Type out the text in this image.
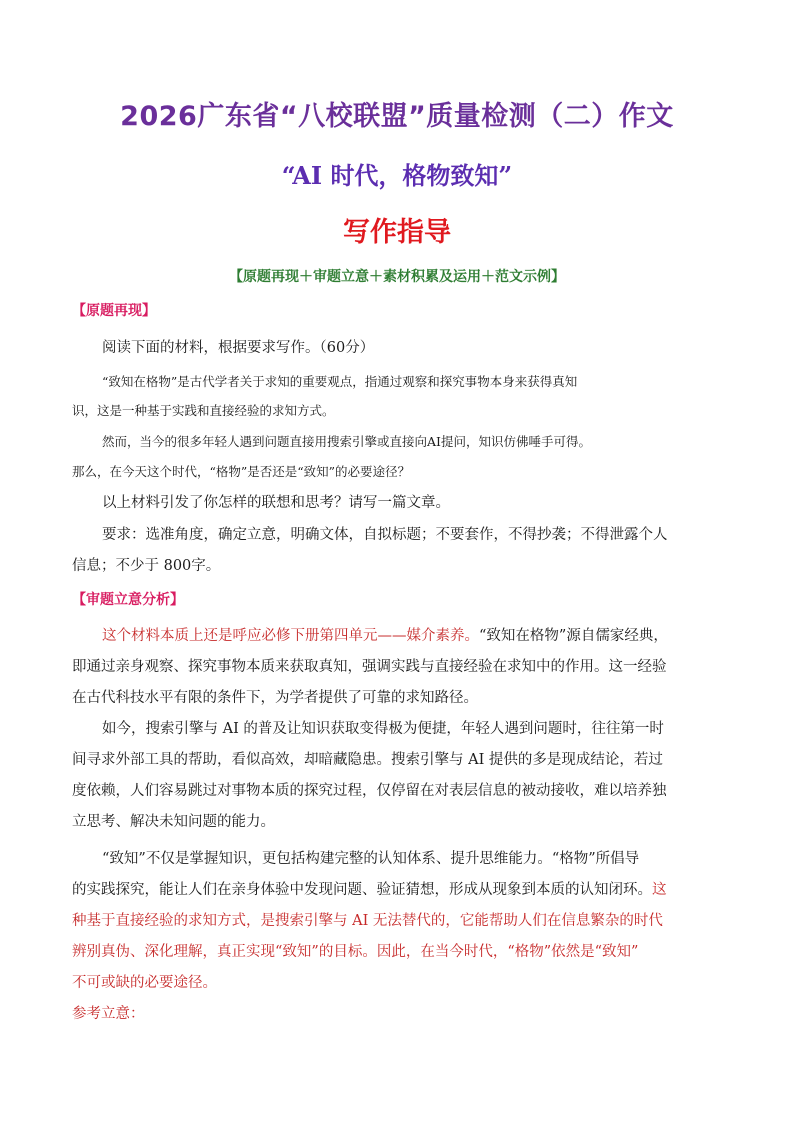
2026广东省“八校联盟”质量检测（二）作文
“AI 时代，格物致知”
写作指导
【原题再现＋审题立意＋素材积累及运用＋范文示例】
【原题再现】
阅读下面的材料，根据要求写作。（60分）
“致知在格物”是古代学者关于求知的重要观点，指通过观察和探究事物本身来获得真知
识，这是一种基于实践和直接经验的求知方式。
然而，当今的很多年轻人遇到问题直接用搜索引擎或直接向AI提问，知识仿佛唾手可得。
那么，在今天这个时代，“格物”是否还是“致知”的必要途径？
以上材料引发了你怎样的联想和思考？请写一篇文章。
要求：选准角度，确定立意，明确文体，自拟标题；不要套作，不得抄袭；不得泄露个人
信息；不少于 800字。
【审题立意分析】
这个材料本质上还是呼应必修下册第四单元——媒介素养。“致知在格物”源自儒家经典，
即通过亲身观察、探究事物本质来获取真知，强调实践与直接经验在求知中的作用。这一经验
在古代科技水平有限的条件下，为学者提供了可靠的求知路径。
如今，搜索引擎与 AI 的普及让知识获取变得极为便捷，年轻人遇到问题时，往往第一时
间寻求外部工具的帮助，看似高效，却暗藏隐患。搜索引擎与 AI 提供的多是现成结论，若过
度依赖，人们容易跳过对事物本质的探究过程，仅停留在对表层信息的被动接收，难以培养独
立思考、解决未知问题的能力。
“致知”不仅是掌握知识，更包括构建完整的认知体系、提升思维能力。“格物”所倡导
的实践探究，能让人们在亲身体验中发现问题、验证猜想，形成从现象到本质的认知闭环。这
种基于直接经验的求知方式，是搜索引擎与 AI 无法替代的，它能帮助人们在信息繁杂的时代
辨别真伪、深化理解，真正实现“致知”的目标。因此，在当今时代，“格物”依然是“致知”
不可或缺的必要途径。
参考立意：
